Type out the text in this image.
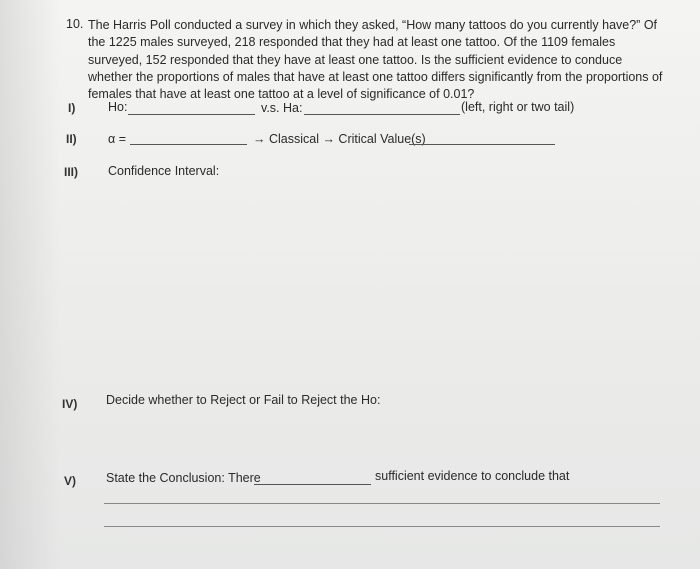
10. The Harris Poll conducted a survey in which they asked, “How many tattoos do you currently have?” Of the 1225 males surveyed, 218 responded that they had at least one tattoo. Of the 1109 females surveyed, 152 responded that they have at least one tattoo. Is the sufficient evidence to conduce whether the proportions of males that have at least one tattoo differs significantly from the proportions of females that have at least one tattoo at a level of significance of 0.01?
I)	Ho:	v.s. Ha:	(left, right or two tail)
II)	α =	→ Classical → Critical Value(s)
III) Confidence Interval:
IV) Decide whether to Reject or Fail to Reject the Ho:
V) State the Conclusion: There	sufficient evidence to conclude that
